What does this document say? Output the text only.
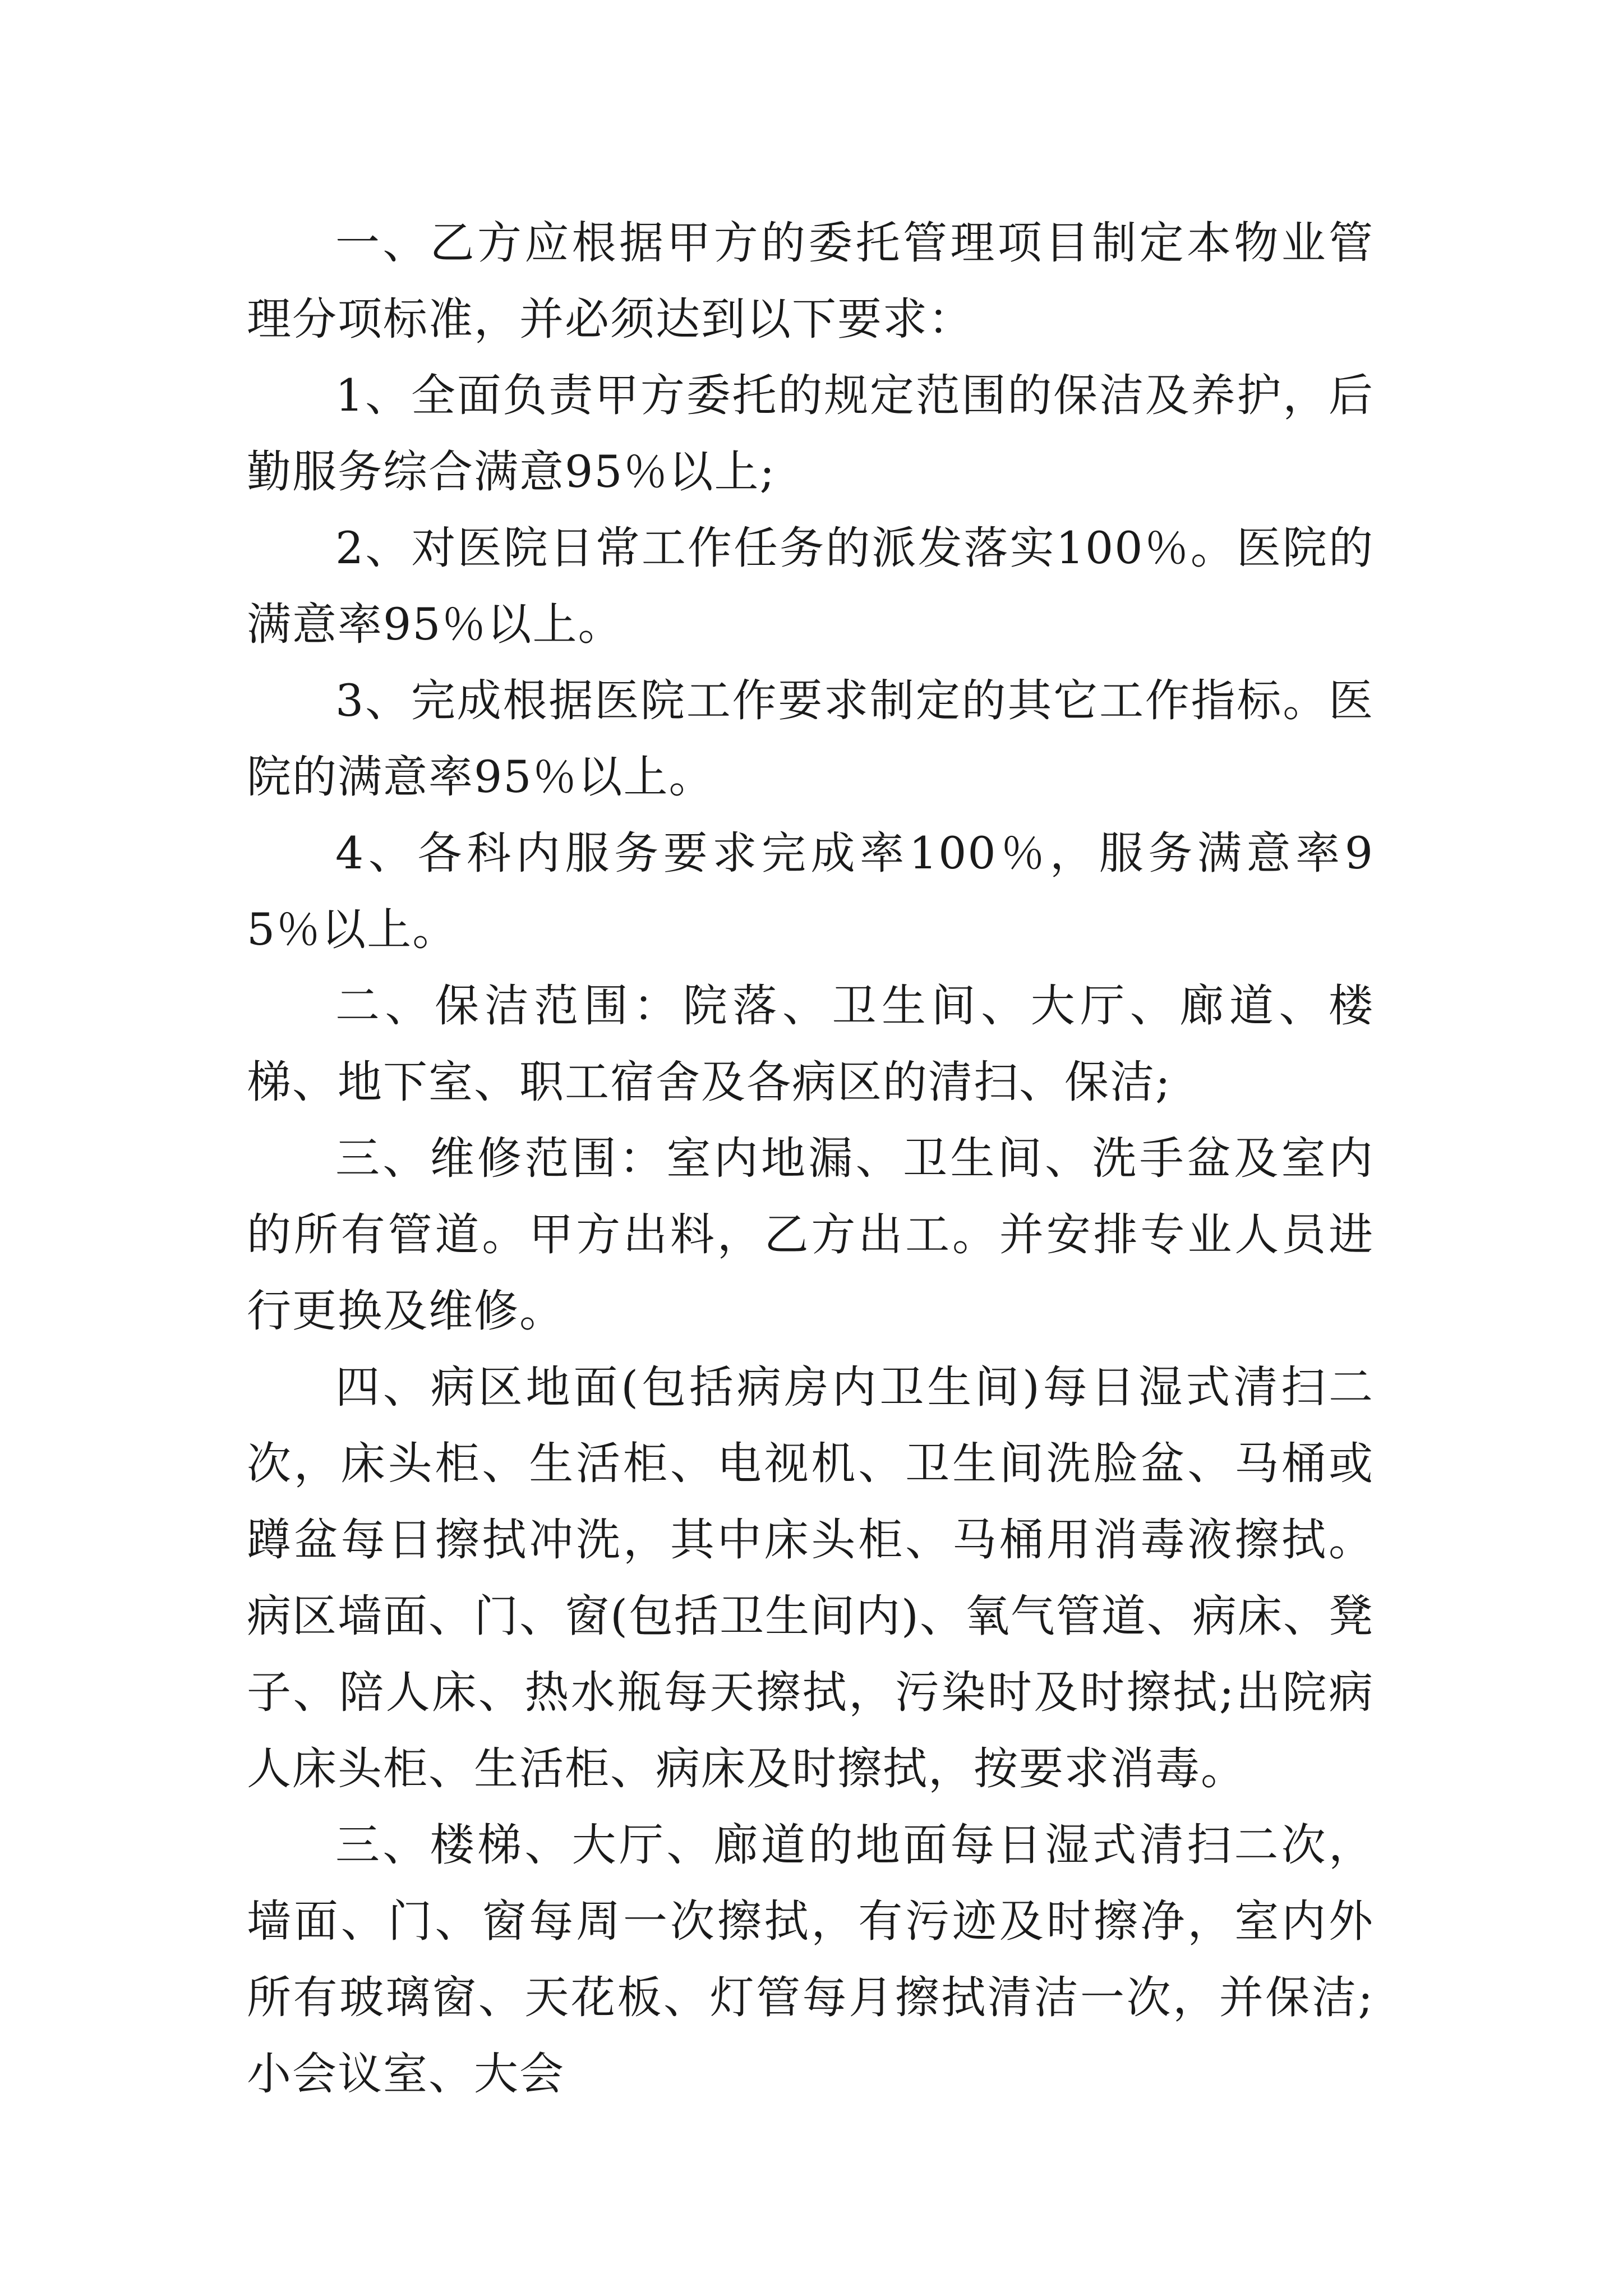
一、乙方应根据甲方的委托管理项目制定本物业管理分项标准，并必须达到以下要求：

1、全面负责甲方委托的规定范围的保洁及养护，后勤服务综合满意95％以上;

2、对医院日常工作任务的派发落实100％。医院的满意率95％以上。

3、完成根据医院工作要求制定的其它工作指标。医院的满意率95％以上。

4、各科内服务要求完成率100％，服务满意率95％以上。

二、保洁范围：院落、卫生间、大厅、廊道、楼梯、地下室、职工宿舍及各病区的清扫、保洁;

三、维修范围：室内地漏、卫生间、洗手盆及室内的所有管道。甲方出料，乙方出工。并安排专业人员进行更换及维修。

四、病区地面(包括病房内卫生间)每日湿式清扫二次，床头柜、生活柜、电视机、卫生间洗脸盆、马桶或蹲盆每日擦拭冲洗，其中床头柜、马桶用消毒液擦拭。病区墙面、门、窗(包括卫生间内)、氧气管道、病床、凳子、陪人床、热水瓶每天擦拭，污染时及时擦拭;出院病人床头柜、生活柜、病床及时擦拭，按要求消毒。

三、楼梯、大厅、廊道的地面每日湿式清扫二次，墙面、门、窗每周一次擦拭，有污迹及时擦净，室内外所有玻璃窗、天花板、灯管每月擦拭清洁一次，并保洁;小会议室、大会
